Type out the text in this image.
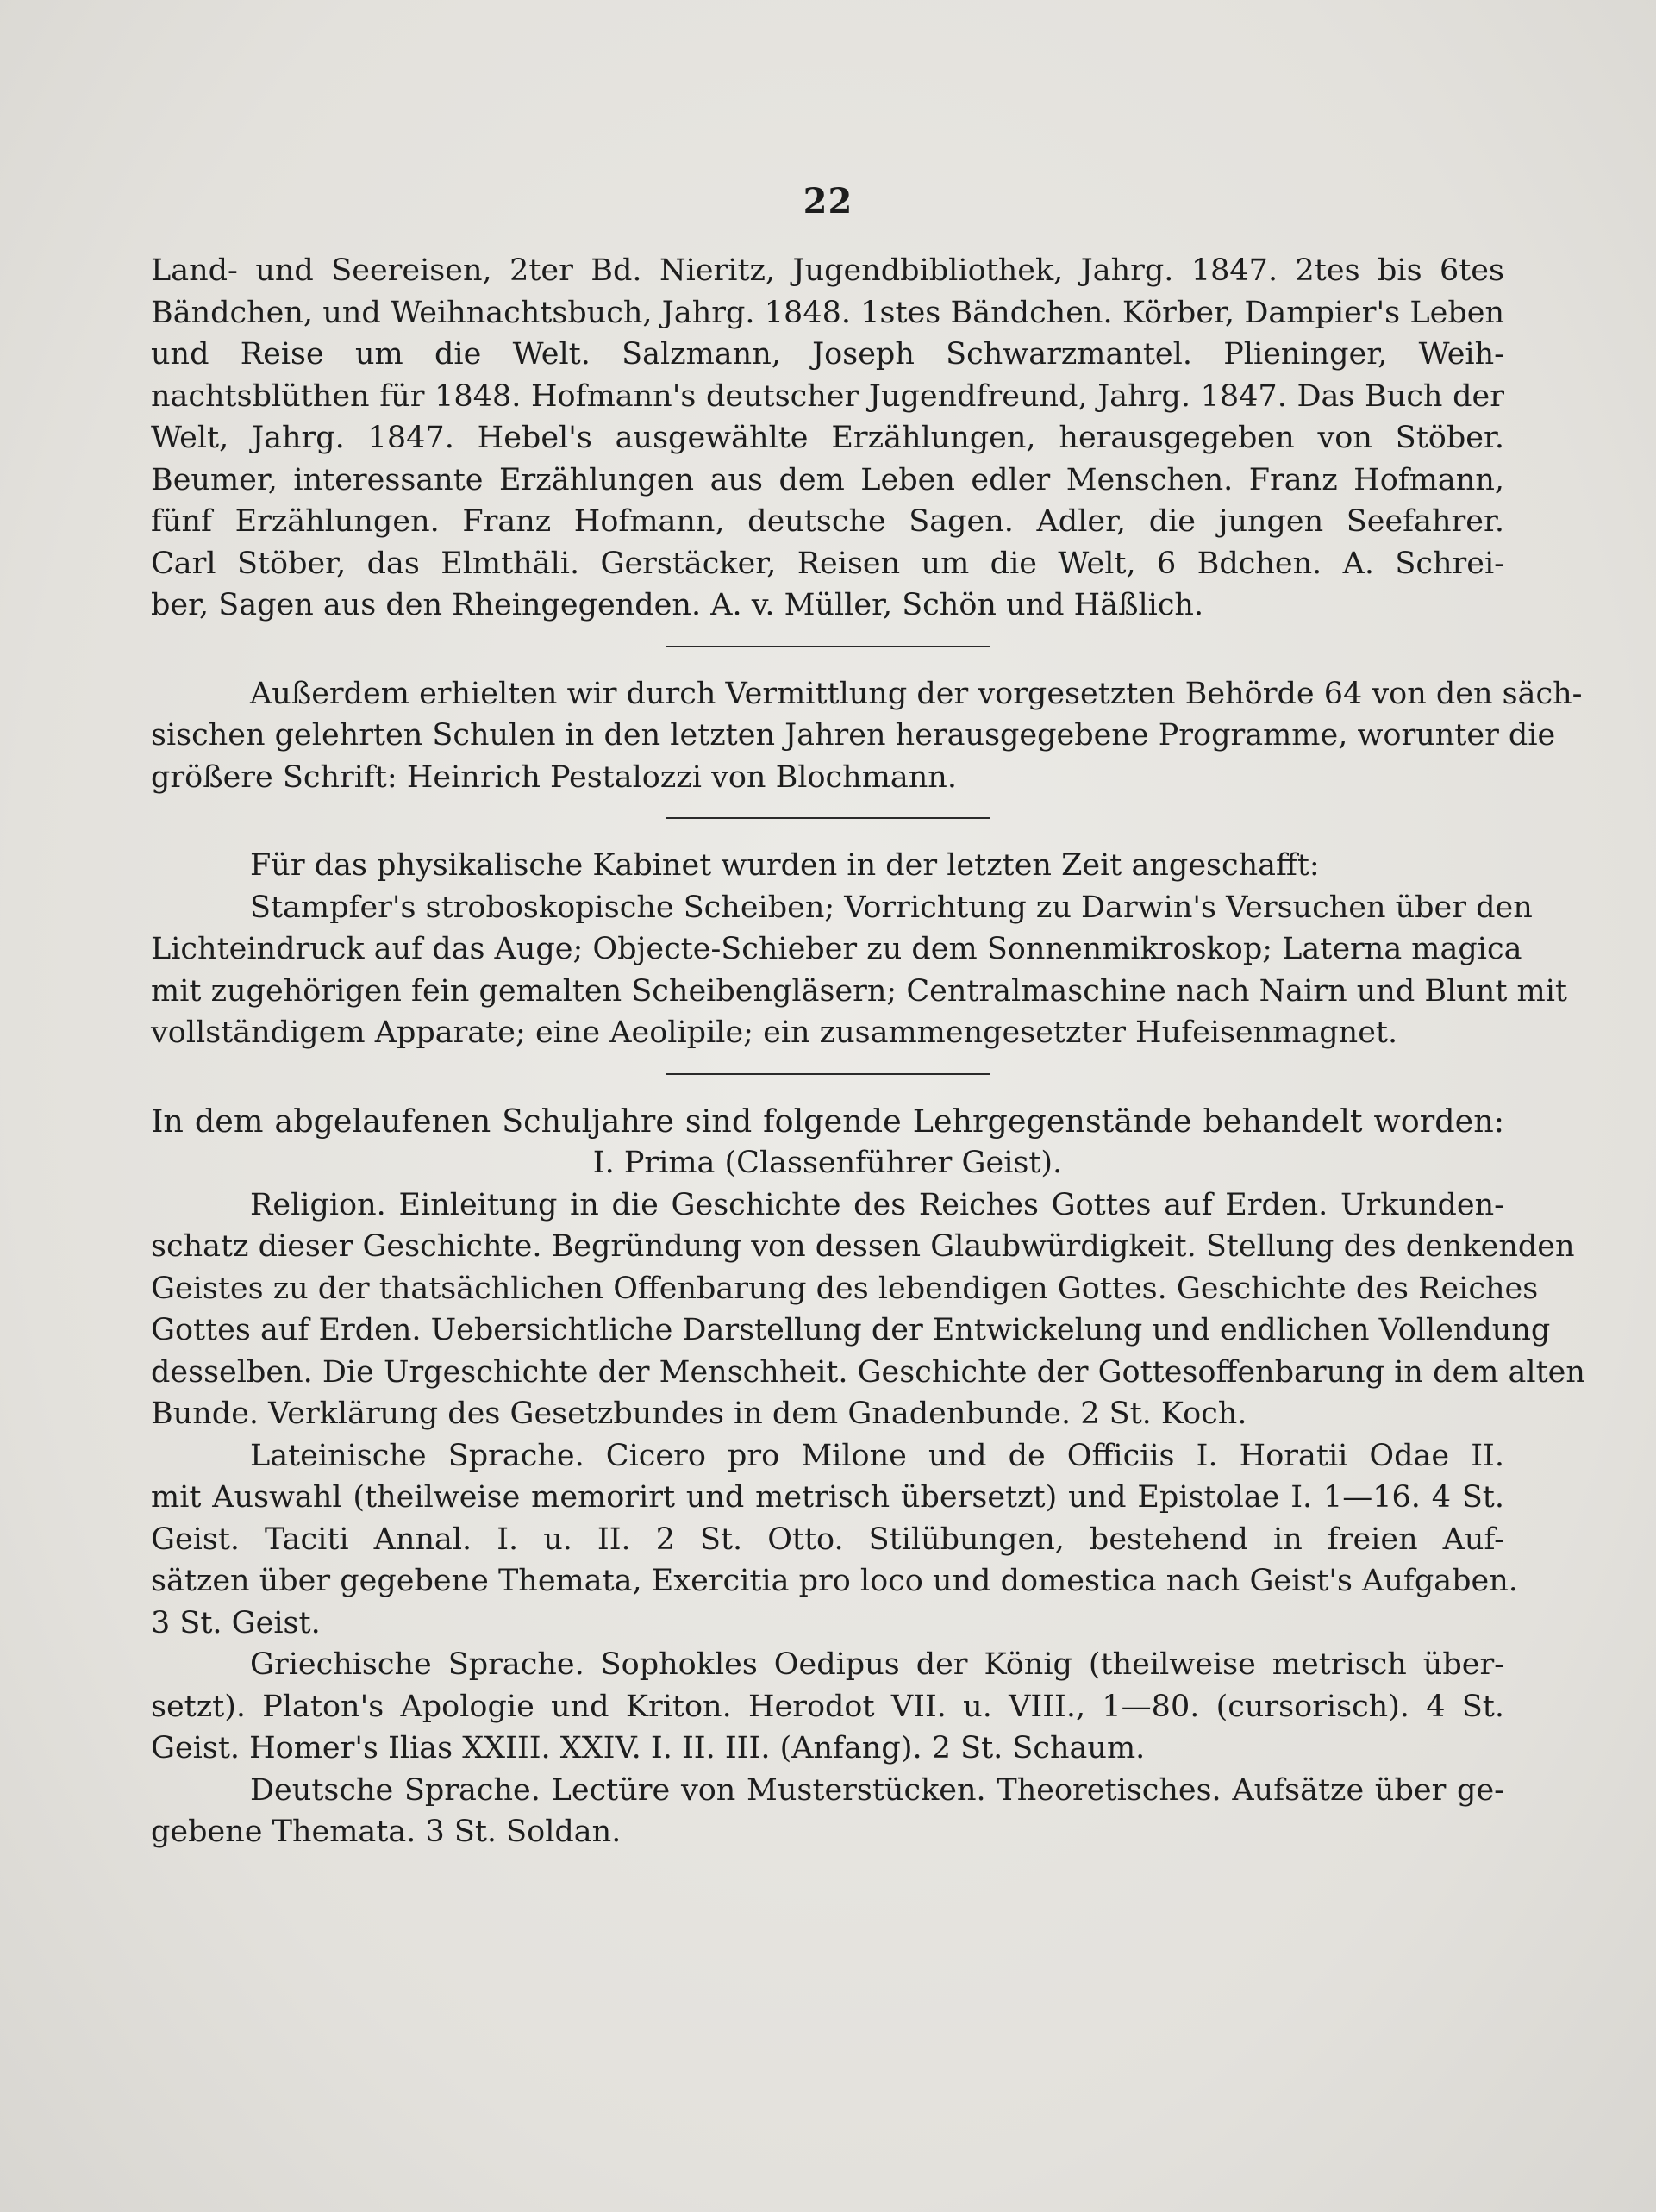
22
Land- und Seereisen, 2ter Bd. Nieritz, Jugendbibliothek, Jahrg. 1847. 2tes bis 6tes
Bändchen, und Weihnachtsbuch, Jahrg. 1848. 1stes Bändchen. Körber, Dampier's Leben
und Reise um die Welt. Salzmann, Joseph Schwarzmantel. Plieninger, Weih-
nachtsblüthen für 1848. Hofmann's deutscher Jugendfreund, Jahrg. 1847. Das Buch der
Welt, Jahrg. 1847. Hebel's ausgewählte Erzählungen, herausgegeben von Stöber.
Beumer, interessante Erzählungen aus dem Leben edler Menschen. Franz Hofmann,
fünf Erzählungen. Franz Hofmann, deutsche Sagen. Adler, die jungen Seefahrer.
Carl Stöber, das Elmthäli. Gerstäcker, Reisen um die Welt, 6 Bdchen. A. Schrei-
ber, Sagen aus den Rheingegenden. A. v. Müller, Schön und Häßlich.
Außerdem erhielten wir durch Vermittlung der vorgesetzten Behörde 64 von den säch-
sischen gelehrten Schulen in den letzten Jahren herausgegebene Programme, worunter die
größere Schrift: Heinrich Pestalozzi von Blochmann.
Für das physikalische Kabinet wurden in der letzten Zeit angeschafft:
Stampfer's stroboskopische Scheiben; Vorrichtung zu Darwin's Versuchen über den
Lichteindruck auf das Auge; Objecte-Schieber zu dem Sonnenmikroskop; Laterna magica
mit zugehörigen fein gemalten Scheibengläsern; Centralmaschine nach Nairn und Blunt mit
vollständigem Apparate; eine Aeolipile; ein zusammengesetzter Hufeisenmagnet.
In dem abgelaufenen Schuljahre sind folgende Lehrgegenstände behandelt worden:
I. Prima (Classenführer Geist).
Religion. Einleitung in die Geschichte des Reiches Gottes auf Erden. Urkunden-
schatz dieser Geschichte. Begründung von dessen Glaubwürdigkeit. Stellung des denkenden
Geistes zu der thatsächlichen Offenbarung des lebendigen Gottes. Geschichte des Reiches
Gottes auf Erden. Uebersichtliche Darstellung der Entwickelung und endlichen Vollendung
desselben. Die Urgeschichte der Menschheit. Geschichte der Gottesoffenbarung in dem alten
Bunde. Verklärung des Gesetzbundes in dem Gnadenbunde. 2 St. Koch.
Lateinische Sprache. Cicero pro Milone und de Officiis I. Horatii Odae II.
mit Auswahl (theilweise memorirt und metrisch übersetzt) und Epistolae I. 1—16. 4 St.
Geist. Taciti Annal. I. u. II. 2 St. Otto. Stilübungen, bestehend in freien Auf-
sätzen über gegebene Themata, Exercitia pro loco und domestica nach Geist's Aufgaben.
3 St. Geist.
Griechische Sprache. Sophokles Oedipus der König (theilweise metrisch über-
setzt). Platon's Apologie und Kriton. Herodot VII. u. VIII., 1—80. (cursorisch). 4 St.
Geist. Homer's Ilias XXIII. XXIV. I. II. III. (Anfang). 2 St. Schaum.
Deutsche Sprache. Lectüre von Musterstücken. Theoretisches. Aufsätze über ge-
gebene Themata. 3 St. Soldan.
